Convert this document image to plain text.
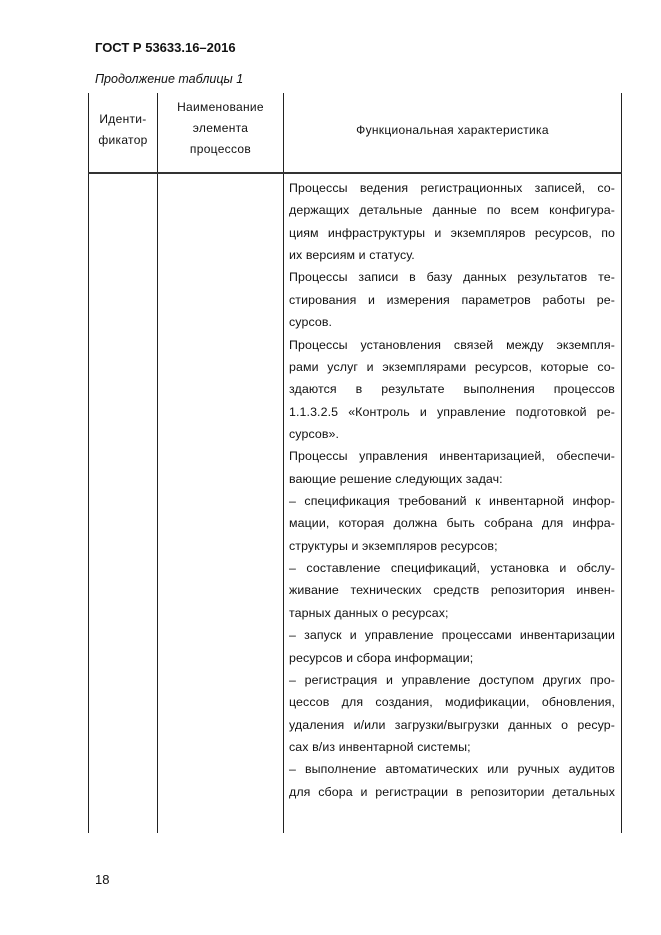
ГОСТ Р 53633.16–2016
Продолжение таблицы 1
Иденти-
фикатор
Наименование
элемента
процессов
Функциональная характеристика
Процессы ведения регистрационных записей, со-
держащих детальные данные по всем конфигура-
циям инфраструктуры и экземпляров ресурсов, по
их версиям и статусу.
Процессы записи в базу данных результатов те-
стирования и измерения параметров работы ре-
сурсов.
Процессы установления связей между экземпля-
рами услуг и экземплярами ресурсов, которые со-
здаются в результате выполнения процессов
1.1.3.2.5 «Контроль и управление подготовкой ре-
сурсов».
Процессы управления инвентаризацией, обеспечи-
вающие решение следующих задач:
– спецификация требований к инвентарной инфор-
мации, которая должна быть собрана для инфра-
структуры и экземпляров ресурсов;
– составление спецификаций, установка и обслу-
живание технических средств репозитория инвен-
тарных данных о ресурсах;
– запуск и управление процессами инвентаризации
ресурсов и сбора информации;
– регистрация и управление доступом других про-
цессов для создания, модификации, обновления,
удаления и/или загрузки/выгрузки данных о ресур-
сах в/из инвентарной системы;
– выполнение автоматических или ручных аудитов
для сбора и регистрации в репозитории детальных
18
